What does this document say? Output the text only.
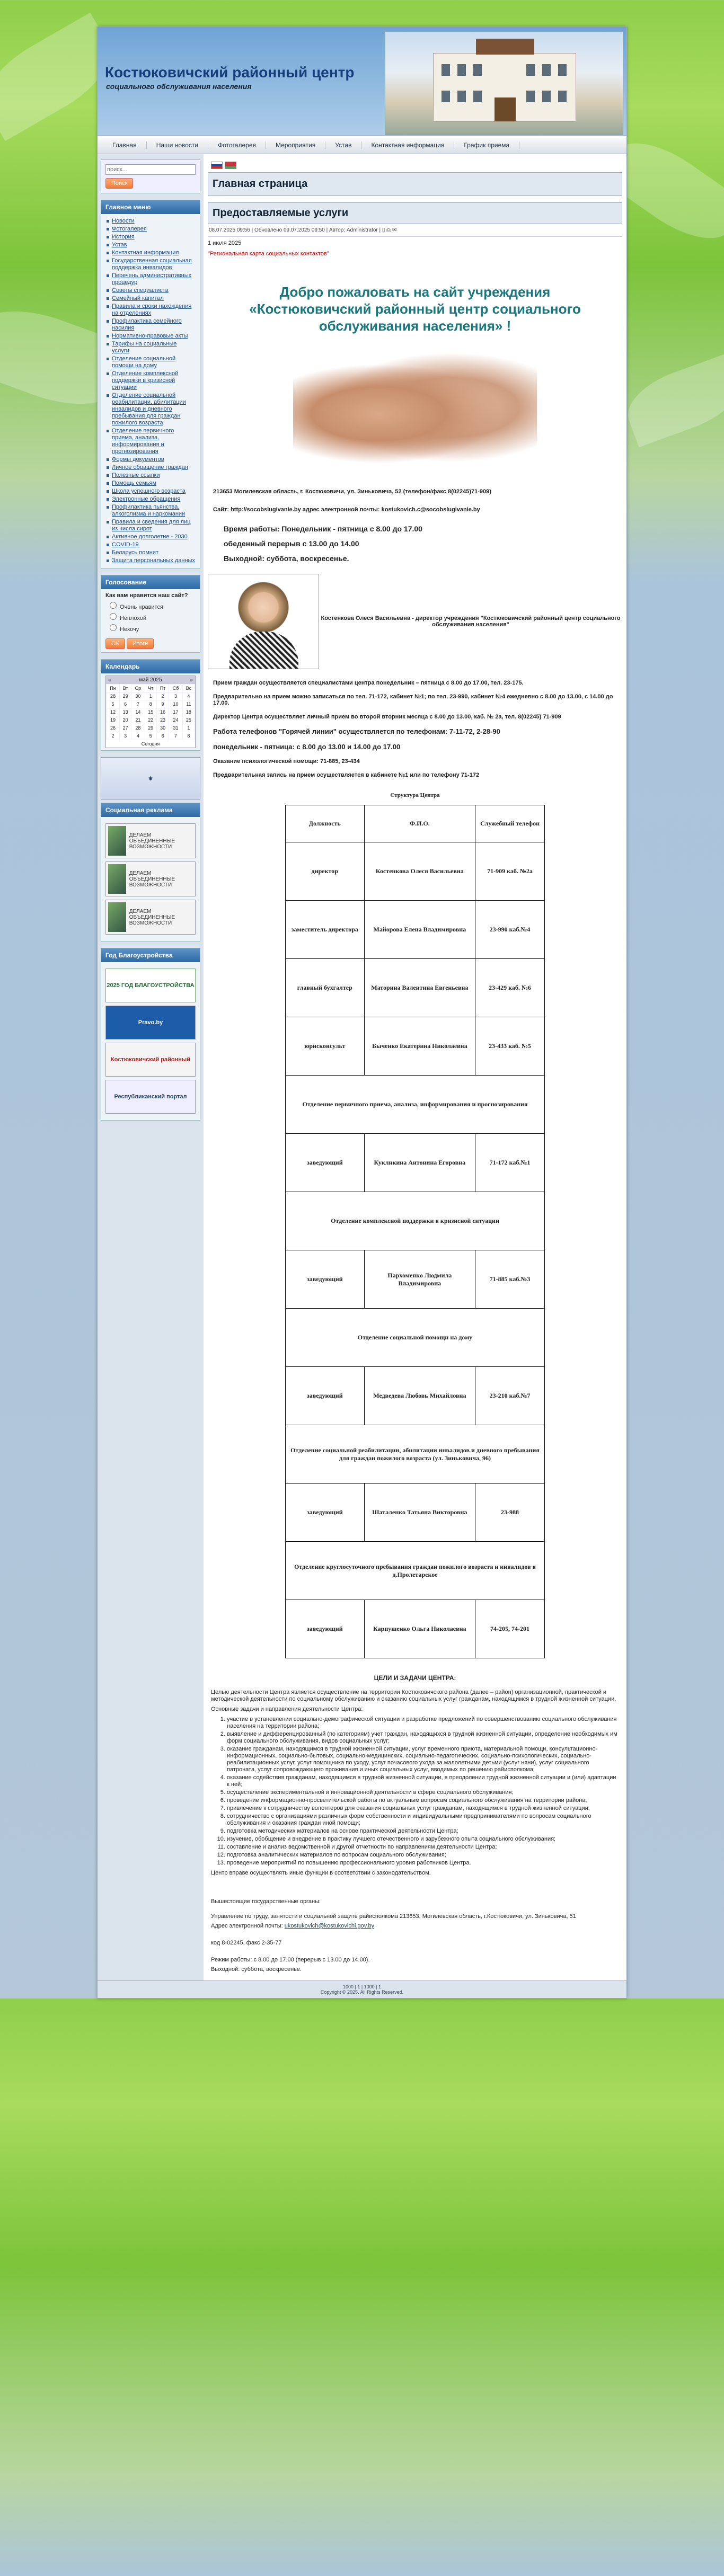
Костюковичский районный центр
социального обслуживания населения
Главная	Наши новости	Фотогалерея	Мероприятия	Устав	Контактная информация	График приема
поиск...
Поиск
Главное меню
Новости
Фотогалерея
История
Устав
Контактная информация
Государственная социальная поддержка инвалидов
Перечень административных процедур
Советы специалиста
Семейный капитал
Правила и сроки нахождения на отделениях
Профилактика семейного насилия
Нормативно-правовые акты
Тарифы на социальные услуги
Отделение социальной помощи на дому
Отделение комплексной поддержки в кризисной ситуации
Отделение социальной реабилитации, абилитации инвалидов и дневного пребывания для граждан пожилого возраста
Отделение первичного приема, анализа, информирования и прогнозирования
Формы документов
Личное обращение граждан
Полезные ссылки
Помощь семьям
Школа успешного возраста
Электронные обращения
Профилактика пьянства, алкоголизма и наркомании
Правила и сведения для лиц из числа сирот
Активное долголетие - 2030
COVID-19
Беларусь помнит
Защита персональных данных
Голосование

Как вам нравится наш сайт?

Очень нравится
Неплохой
Нехочу
ОК Итоги
Календарь
«	май 2025	»
Пн	Вт	Ср	Чт	Пт	Сб	Вс
28	29	30	1	2	3	4
5	6	7	8	9	10	11
12	13	14	15	16	17	18
19	20	21	22	23	24	25
26	27	28	29	30	31	1
2	3	4	5	6	7	8
Сегодня
⚜
Социальная реклама
ДЕЛАЕМ ОБЪЕДИНЕННЫЕ ВОЗМОЖНОСТИ
ДЕЛАЕМ ОБЪЕДИНЕННЫЕ ВОЗМОЖНОСТИ
ДЕЛАЕМ ОБЪЕДИНЕННЫЕ ВОЗМОЖНОСТИ
Год Благоустройства
2025 ГОД БЛАГОУСТРОЙСТВА
Pravo.by
Костюковичский районный
Республиканский портал
Главная страница
Предоставляемые услуги
08.07.2025 09:56 | Обновлено 09.07.2025 09:50 | Автор: Administrator | ▯ ⎙ ✉

1 июля 2025

"Региональная карта социальных контактов"

Добро пожаловать на сайт учреждения «Костюковичский районный центр социального обслуживания населения» !

213653 Могилевская область, г. Костюковичи, ул. Зиньковича, 52 (телефон/факс 8(02245)71-909)

Сайт: http://socobslugivanie.by адрес электронной почты: kostukovich.c@socobslugivanie.by

Время работы: Понедельник - пятница с 8.00 до 17.00

обеденный перерыв с 13.00 до 14.00

Выходной: суббота, воскресенье.

Костенкова Олеся Васильевна - директор учреждения "Костюковичский районный центр социального обслуживания населения"

Прием граждан осуществляется специалистами центра понедельник – пятница с 8.00 до 17.00, тел. 23-175.

Предварительно на прием можно записаться по тел. 71-172, кабинет №1; по тел. 23-990, кабинет №4 ежедневно с 8.00 до 13.00, с 14.00 до 17.00.

Директор Центра осуществляет личный прием во второй вторник месяца с 8.00 до 13.00, каб. № 2а, тел. 8(02245) 71-909

Работа телефонов "Горячей линии" осуществляется по телефонам: 7-11-72, 2-28-90

понедельник - пятница: с 8.00 до 13.00 и 14.00 до 17.00

Оказание психологической помощи: 71-885, 23-434

Предварительная запись на прием осуществляется в кабинете №1 или по телефону 71-172

Структура Центра
Должность	Ф.И.О.	Служебный телефон
директор	Костенкова Олеся Васильевна	71-909 каб. №2а
заместитель директора	Майорова Елена Владимировна	23-990 каб.№4
главный бухгалтер	Маторина Валентина Евгеньевна	23-429 каб. №6
юрисконсульт	Быченко Екатерина Николаевна	23-433 каб. №5
Отделение первичного приема, анализа, информирования и прогнозирования		
заведующий	Кукликина Антонина Егоровна	71-172 каб.№1
Отделение комплексной поддержки в кризисной ситуации		
заведующий	Пархоменко Людмила Владимировна	71-885 каб.№3
Отделение социальной помощи на дому		
заведующий	Медведева Любовь Михайловна	23-210 каб.№7
Отделение социальной реабилитации, абилитации инвалидов и дневного пребывания для граждан пожилого возраста (ул. Зиньковича, 96)		
заведующий	Шаталенко Татьяна Викторовна	23-988
Отделение круглосуточного пребывания граждан пожилого возраста и инвалидов в д.Пролетарское		
заведующий	Карпушенко Ольга Николаевна	74-205, 74-201
ЦЕЛИ И ЗАДАЧИ ЦЕНТРА:

Целью деятельности Центра является осуществление на территории Костюковичского района (далее – район) организационной, практической и методической деятельности по социальному обслуживанию и оказанию социальных услуг гражданам, находящимся в трудной жизненной ситуации.

Основные задачи и направления деятельности Центра:

1. участие в установлении социально-демографической ситуации и разработке предложений по совершенствованию социального обслуживания населения на территории района;
2. выявление и дифференцированный (по категориям) учет граждан, находящихся в трудной жизненной ситуации, определение необходимых им форм социального обслуживания, видов социальных услуг;
3. оказание гражданам, находящимся в трудной жизненной ситуации, услуг временного приюта, материальной помощи, консультационно-информационных, социально-бытовых, социально-медицинских, социально-педагогических, социально-психологических, социально-реабилитационных услуг, услуг помощника по уходу, услуг почасового ухода за малолетними детьми (услуг няни), услуг социального патроната, услуг сопровождающего проживания и иных социальных услуг, вводимых по решению райисполкома;
4. оказание содействия гражданам, находящимся в трудной жизненной ситуации, в преодолении трудной жизненной ситуации и (или) адаптации к ней;
5. осуществление экспериментальной и инновационной деятельности в сфере социального обслуживания;
6. проведение информационно-просветительской работы по актуальным вопросам социального обслуживания на территории района;
7. привлечение к сотрудничеству волонтеров для оказания социальных услуг гражданам, находящимся в трудной жизненной ситуации;
8. сотрудничество с организациями различных форм собственности и индивидуальными предпринимателями по вопросам социального обслуживания и оказания граждан иной помощи;
9. подготовка методических материалов на основе практической деятельности Центра;
10. изучение, обобщение и внедрение в практику лучшего отечественного и зарубежного опыта социального обслуживания;
11. составление и анализ ведомственной и другой отчетности по направлениям деятельности Центра;
12. подготовка аналитических материалов по вопросам социального обслуживания;
13. проведение мероприятий по повышению профессионального уровня работников Центра.

Центр вправе осуществлять иные функции в соответствии с законодательством.

Вышестоящие государственные органы:

Управление по труду, занятости и социальной защите райисполкома 213653, Могилевская область, г.Костюковичи, ул. Зиньковича, 51

Адрес электронной почты: ukostukovich@kostukovichi.gov.by

код 8-02245, факс 2-35-77

Режим работы: с 8.00 до 17.00 (перерыв с 13.00 до 14.00).

Выходной: суббота, воскресенье.

1000 | 1 | 1000 | 1
Copyright © 2025. All Rights Reserved.
